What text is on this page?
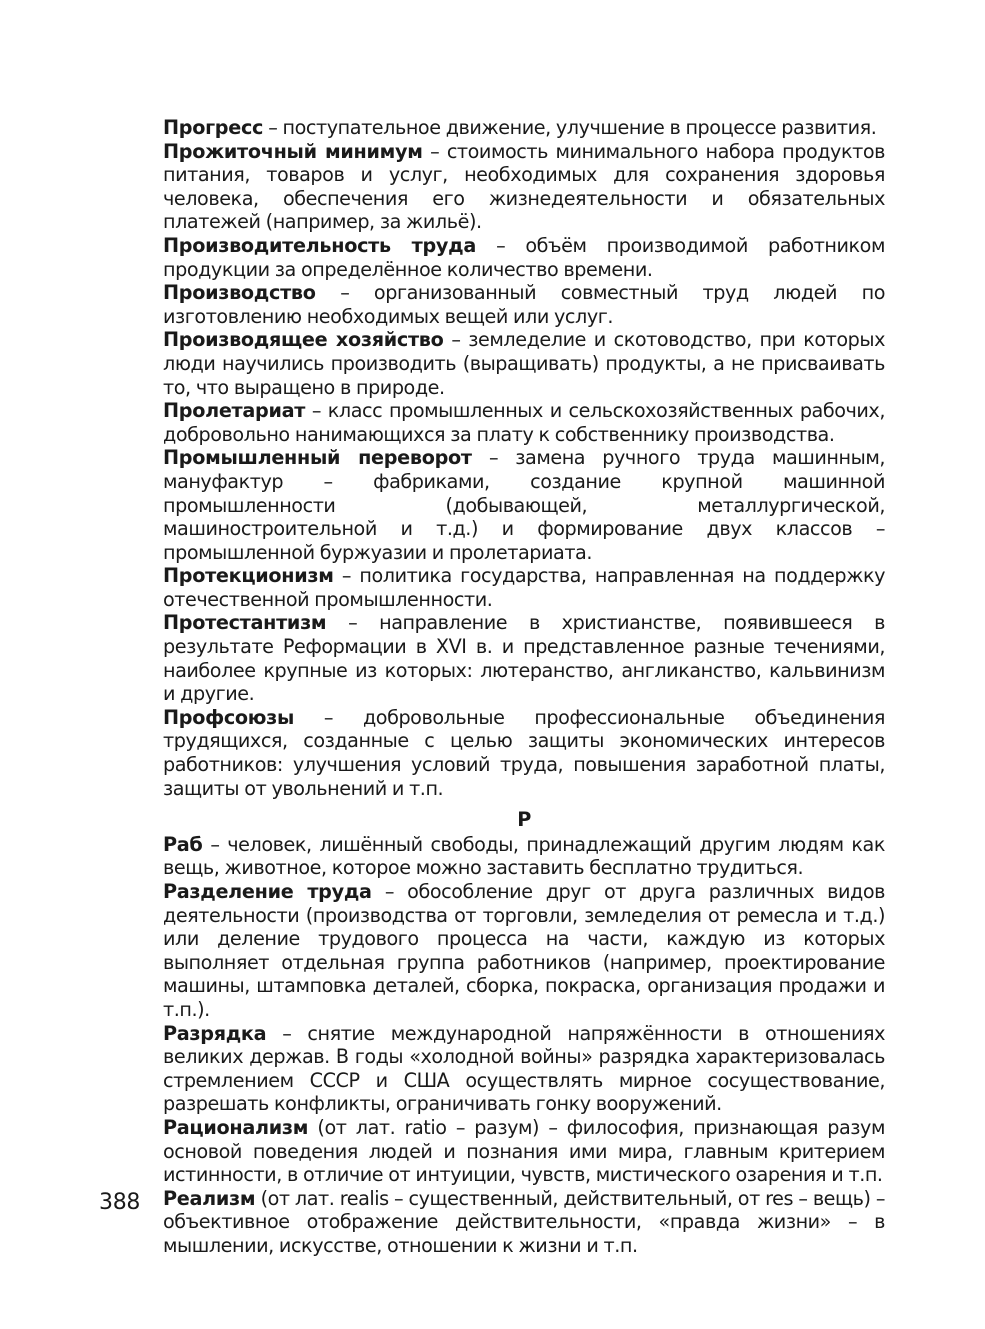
Прогресс – поступательное движение, улучшение в процессе развития.

Прожиточный минимум – стоимость минимального набора продуктов питания, товаров и услуг, необходимых для сохранения здоровья человека, обеспечения его жизнедеятельности и обязательных платежей (например, за жильё).

Производительность труда – объём производимой работником продукции за определённое количество времени.

Производство – организованный совместный труд людей по изготовлению необходимых вещей или услуг.

Производящее хозяйство – земледелие и скотоводство, при которых люди научились производить (выращивать) продукты, а не присваивать то, что выращено в природе.

Пролетариат – класс промышленных и сельскохозяйственных рабочих, добровольно нанимающихся за плату к собственнику производства.

Промышленный переворот – замена ручного труда машинным, мануфактур – фабриками, создание крупной машинной промышленности (добывающей, металлургической, машиностроительной и т.д.) и формирование двух классов – промышленной буржуазии и пролетариата.

Протекционизм – политика государства, направленная на поддержку отечественной промышленности.

Протестантизм – направление в христианстве, появившееся в результате Реформации в XVI в. и представленное разные течениями, наиболее крупные из которых: лютеранство, англиканство, кальвинизм и другие.

Профсоюзы – добровольные профессиональные объединения трудящихся, созданные с целью защиты экономических интересов работников: улучшения условий труда, повышения заработной платы, защиты от увольнений и т.п.

Р

Раб – человек, лишённый свободы, принадлежащий другим людям как вещь, животное, которое можно заставить бесплатно трудиться.

Разделение труда – обособление друг от друга различных видов деятельности (производства от торговли, земледелия от ремесла и т.д.) или деление трудового процесса на части, каждую из которых выполняет отдельная группа работников (например, проектирование машины, штамповка деталей, сборка, покраска, организация продажи и т.п.).

Разрядка – снятие международной напряжённости в отношениях великих держав. В годы «холодной войны» разрядка характеризовалась стремлением СССР и США осуществлять мирное сосуществование, разрешать конфликты, ограничивать гонку вооружений.

Рационализм (от лат. ratio – разум) – философия, признающая разум основой поведения людей и познания ими мира, главным критерием истинности, в отличие от интуиции, чувств, мистического озарения и т.п.

Реализм (от лат. realis – существенный, действительный, от res – вещь) – объективное отображение действительности, «правда жизни» – в мышлении, искусстве, отношении к жизни и т.п.

388
